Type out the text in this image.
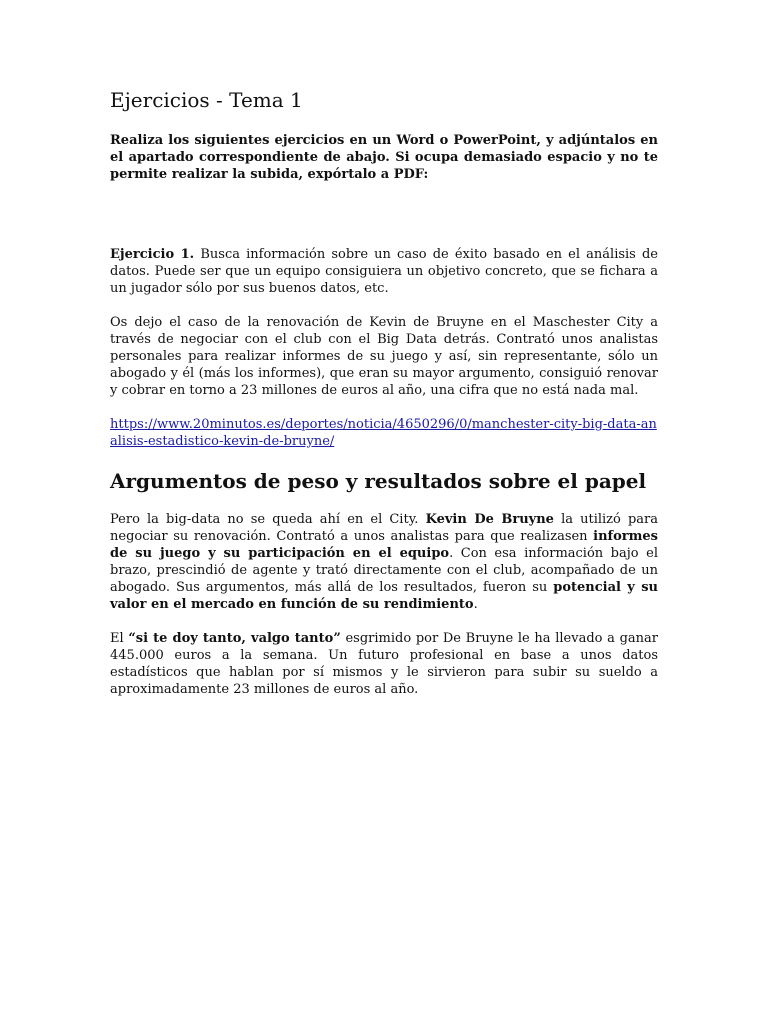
Ejercicios - Tema 1

Realiza los siguientes ejercicios en un Word o PowerPoint, y adjúntalos en el apartado correspondiente de abajo. Si ocupa demasiado espacio y no te permite realizar la subida, expórtalo a PDF:

Ejercicio 1. Busca información sobre un caso de éxito basado en el análisis de datos. Puede ser que un equipo consiguiera un objetivo concreto, que se fichara a un jugador sólo por sus buenos datos, etc.

Os dejo el caso de la renovación de Kevin de Bruyne en el Maschester City a través de negociar con el club con el Big Data detrás. Contrató unos analistas personales para realizar informes de su juego y así, sin representante, sólo un abogado y él (más los informes), que eran su mayor argumento, consiguió renovar y cobrar en torno a 23 millones de euros al año, una cifra que no está nada mal.

https://www.20minutos.es/deportes/noticia/4650296/0/manchester-city-big-data-analisis-estadistico-kevin-de-bruyne/
Argumentos de peso y resultados sobre el papel

Pero la big-data no se queda ahí en el City. Kevin De Bruyne la utilizó para negociar su renovación. Contrató a unos analistas para que realizasen informes de su juego y su participación en el equipo. Con esa información bajo el brazo, prescindió de agente y trató directamente con el club, acompañado de un abogado. Sus argumentos, más allá de los resultados, fueron su potencial y su valor en el mercado en función de su rendimiento.

El “si te doy tanto, valgo tanto” esgrimido por De Bruyne le ha llevado a ganar 445.000 euros a la semana. Un futuro profesional en base a unos datos estadísticos que hablan por sí mismos y le sirvieron para subir su sueldo a aproximadamente 23 millones de euros al año.
